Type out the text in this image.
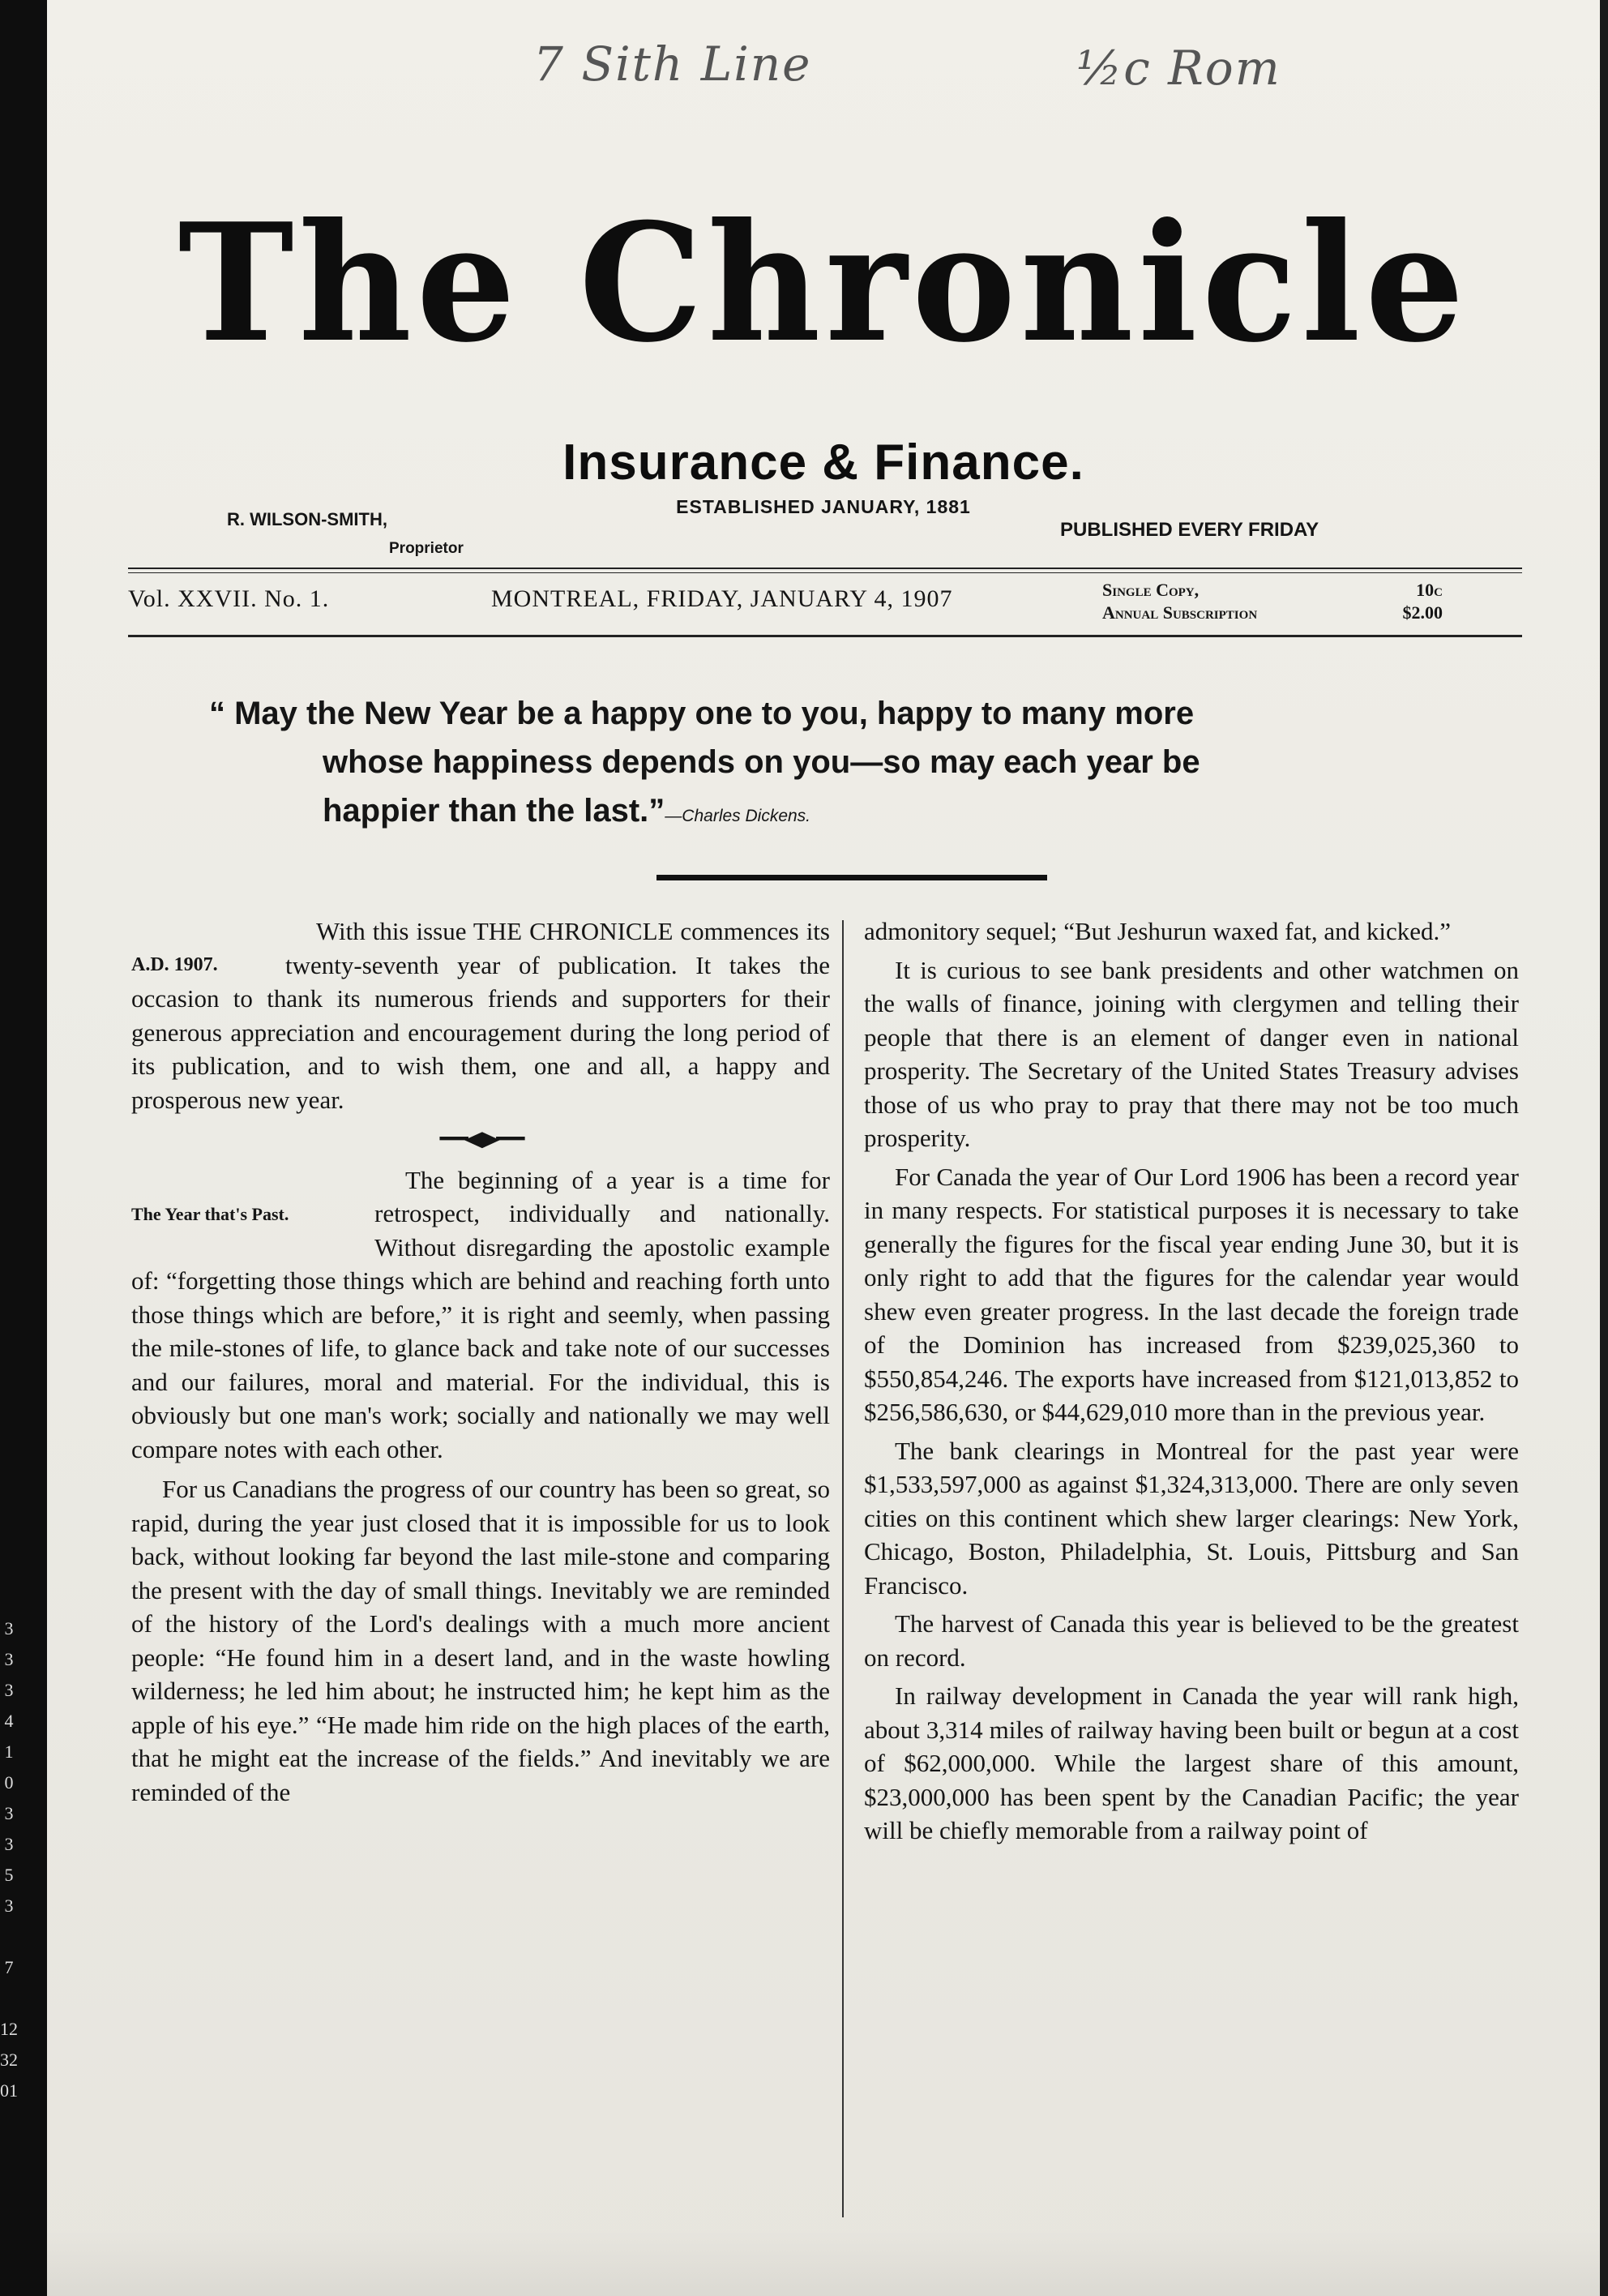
3
3
3
4
1
0
3
3
5
3

7

12
32
01
7 Sith Line	½c Rom
The Chronicle
Insurance & Finance.
ESTABLISHED JANUARY, 1881
R. WILSON-SMITH,
Proprietor
PUBLISHED EVERY FRIDAY
Vol. XXVII. No. 1.	MONTREAL, FRIDAY, JANUARY 4, 1907	Single Copy,	10c
Annual Subscription	$2.00
“ May the New Year be a happy one to you, happy to many more
whose happiness depends on you—so may each year be
happier than the last.”—Charles Dickens.
A.D. 1907.

With this issue THE CHRONICLE commences its twenty-seventh year of publication. It takes the occasion to thank its numerous friends and supporters for their generous appreciation and encouragement during the long period of its publication, and to wish them, one and all, a happy and prosperous new year.

━◆━
The Year that's Past.

The beginning of a year is a time for retrospect, individually and nationally. Without disregarding the apostolic example of: “forgetting those things which are behind and reaching forth unto those things which are before,” it is right and seemly, when passing the mile-stones of life, to glance back and take note of our successes and our failures, moral and material. For the individual, this is obviously but one man's work; socially and nationally we may well compare notes with each other.

For us Canadians the progress of our country has been so great, so rapid, during the year just closed that it is impossible for us to look back, without looking far beyond the last mile-stone and comparing the present with the day of small things. Inevitably we are reminded of the history of the Lord's dealings with a much more ancient people: “He found him in a desert land, and in the waste howling wilderness; he led him about; he instructed him; he kept him as the apple of his eye.” “He made him ride on the high places of the earth, that he might eat the increase of the fields.” And inevitably we are reminded of the

admonitory sequel; “But Jeshurun waxed fat, and kicked.”

It is curious to see bank presidents and other watchmen on the walls of finance, joining with clergymen and telling their people that there is an element of danger even in national prosperity. The Secretary of the United States Treasury advises those of us who pray to pray that there may not be too much prosperity.

For Canada the year of Our Lord 1906 has been a record year in many respects. For statistical purposes it is necessary to take generally the figures for the fiscal year ending June 30, but it is only right to add that the figures for the calendar year would shew even greater progress. In the last decade the foreign trade of the Dominion has increased from $239,025,360 to $550,854,246. The exports have increased from $121,013,852 to $256,586,630, or $44,629,010 more than in the previous year.

The bank clearings in Montreal for the past year were $1,533,597,000 as against $1,324,313,000. There are only seven cities on this continent which shew larger clearings: New York, Chicago, Boston, Philadelphia, St. Louis, Pittsburg and San Francisco.

The harvest of Canada this year is believed to be the greatest on record.

In railway development in Canada the year will rank high, about 3,314 miles of railway having been built or begun at a cost of $62,000,000. While the largest share of this amount, $23,000,000 has been spent by the Canadian Pacific; the year will be chiefly memorable from a railway point of
